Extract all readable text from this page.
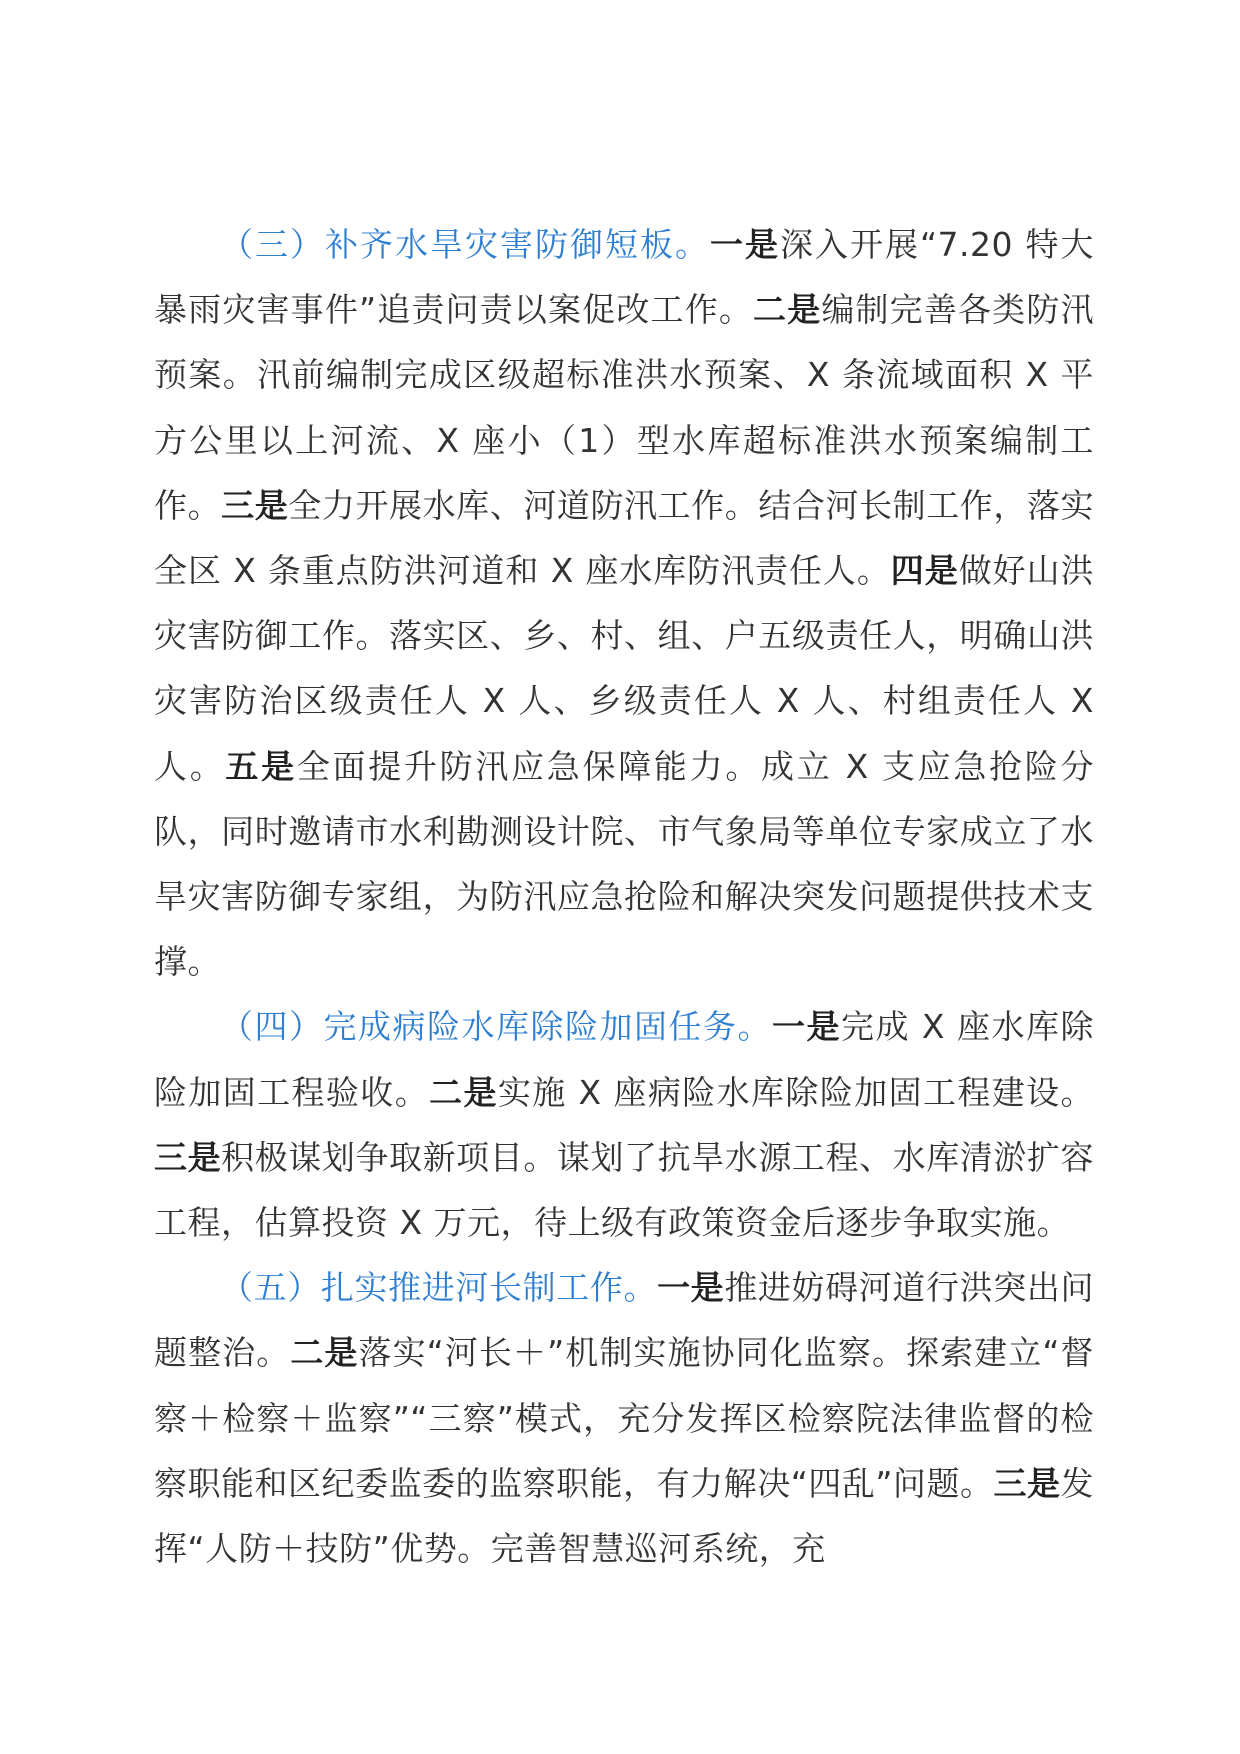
（三）补齐水旱灾害防御短板。一是深入开展“7.20 特大暴雨灾害事件”追责问责以案促改工作。二是编制完善各类防汛预案。汛前编制完成区级超标准洪水预案、X 条流域面积 X 平方公里以上河流、X 座小（1）型水库超标准洪水预案编制工作。三是全力开展水库、河道防汛工作。结合河长制工作，落实全区 X 条重点防洪河道和 X 座水库防汛责任人。四是做好山洪灾害防御工作。落实区、乡、村、组、户五级责任人，明确山洪灾害防治区级责任人 X 人、乡级责任人 X 人、村组责任人 X 人。五是全面提升防汛应急保障能力。成立 X 支应急抢险分队，同时邀请市水利勘测设计院、市气象局等单位专家成立了水旱灾害防御专家组，为防汛应急抢险和解决突发问题提供技术支撑。

（四）完成病险水库除险加固任务。一是完成 X 座水库除险加固工程验收。二是实施 X 座病险水库除险加固工程建设。三是积极谋划争取新项目。谋划了抗旱水源工程、水库清淤扩容工程，估算投资 X 万元，待上级有政策资金后逐步争取实施。

（五）扎实推进河长制工作。一是推进妨碍河道行洪突出问题整治。二是落实“河长＋”机制实施协同化监察。探索建立“督察＋检察＋监察”“三察”模式，充分发挥区检察院法律监督的检察职能和区纪委监委的监察职能，有力解决“四乱”问题。三是发挥“人防＋技防”优势。完善智慧巡河系统，充
